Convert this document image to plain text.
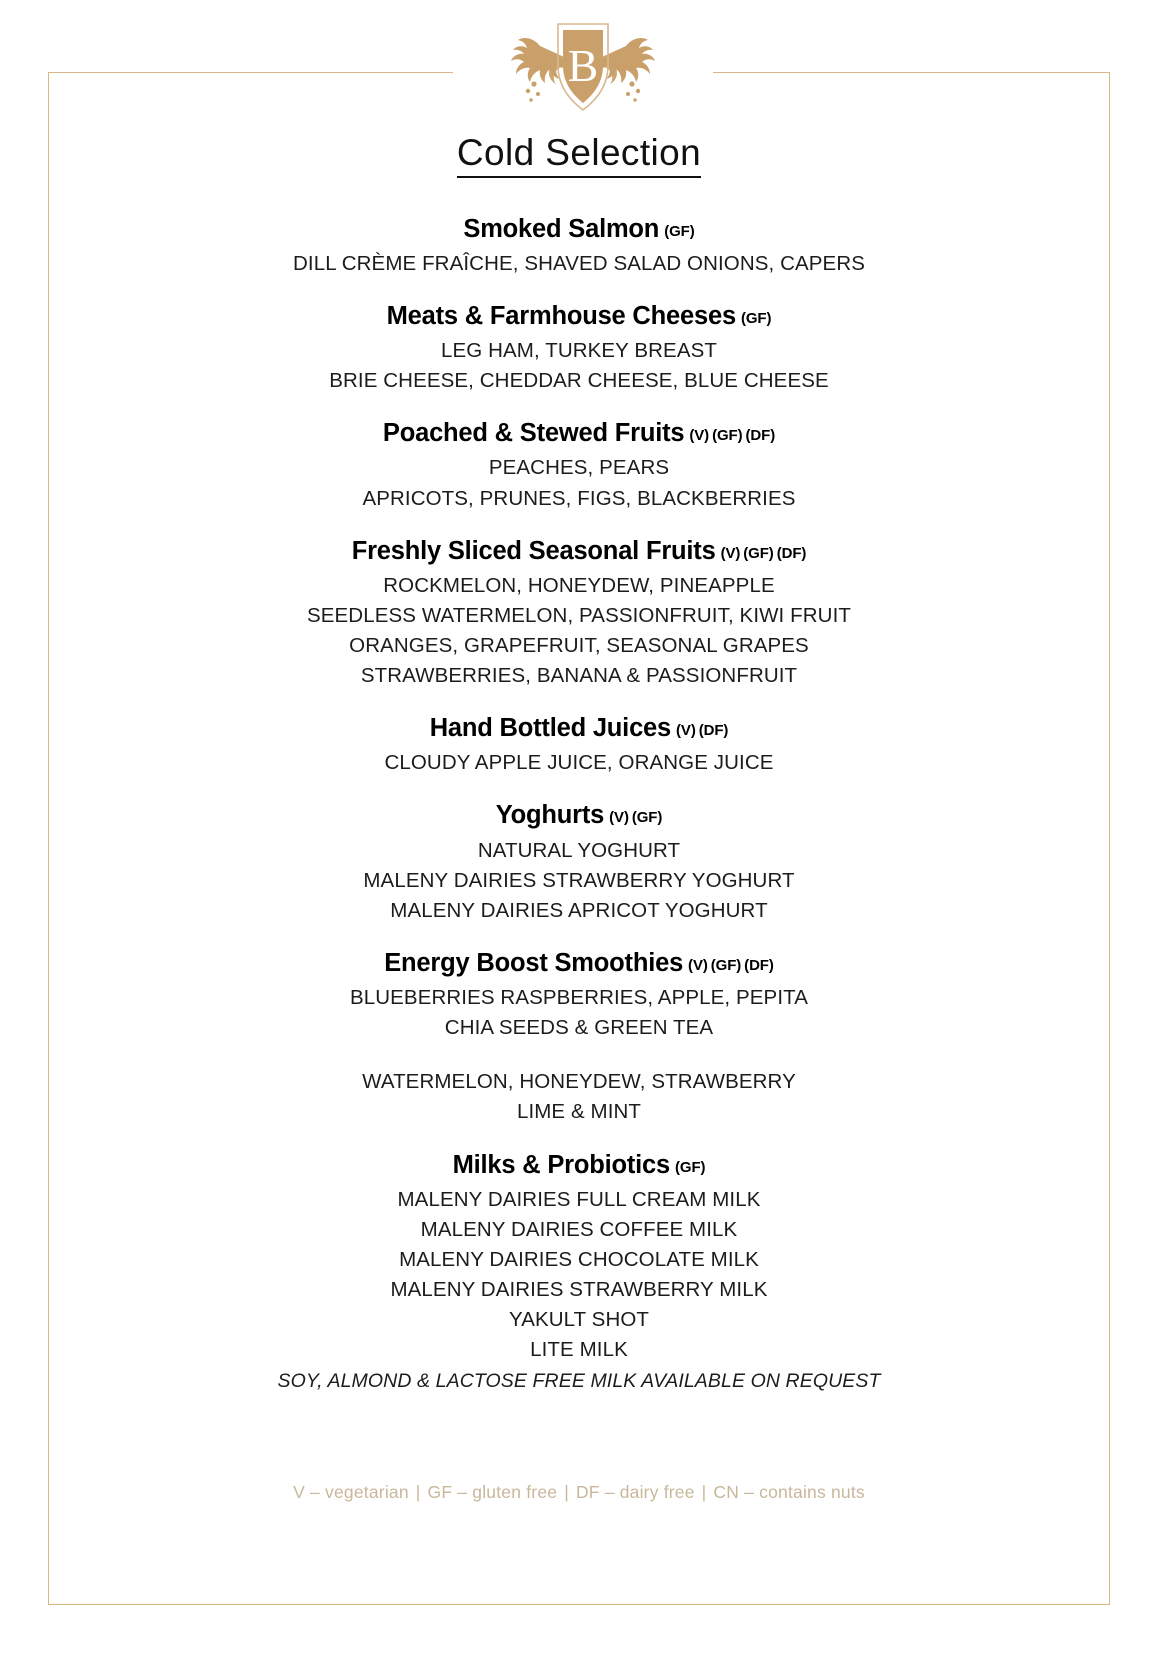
B
Cold Selection
Smoked Salmon (GF)
DILL CRÈME FRAÎCHE, SHAVED SALAD ONIONS, CAPERS
Meats & Farmhouse Cheeses (GF)
LEG HAM, TURKEY BREAST
BRIE CHEESE, CHEDDAR CHEESE, BLUE CHEESE
Poached & Stewed Fruits (V) (GF) (DF)
PEACHES, PEARS
APRICOTS, PRUNES, FIGS, BLACKBERRIES
Freshly Sliced Seasonal Fruits (V) (GF) (DF)
ROCKMELON, HONEYDEW, PINEAPPLE
SEEDLESS WATERMELON, PASSIONFRUIT, KIWI FRUIT
ORANGES, GRAPEFRUIT, SEASONAL GRAPES
STRAWBERRIES, BANANA & PASSIONFRUIT
Hand Bottled Juices (V) (DF)
CLOUDY APPLE JUICE, ORANGE JUICE
Yoghurts (V) (GF)
NATURAL YOGHURT
MALENY DAIRIES STRAWBERRY YOGHURT
MALENY DAIRIES APRICOT YOGHURT
Energy Boost Smoothies (V) (GF) (DF)
BLUEBERRIES RASPBERRIES, APPLE, PEPITA
CHIA SEEDS & GREEN TEA
WATERMELON, HONEYDEW, STRAWBERRY
LIME & MINT
Milks & Probiotics (GF)
MALENY DAIRIES FULL CREAM MILK
MALENY DAIRIES COFFEE MILK
MALENY DAIRIES CHOCOLATE MILK
MALENY DAIRIES STRAWBERRY MILK
YAKULT SHOT
LITE MILK
SOY, ALMOND & LACTOSE FREE MILK AVAILABLE ON REQUEST
V – vegetarian | GF – gluten free | DF – dairy free | CN – contains nuts
